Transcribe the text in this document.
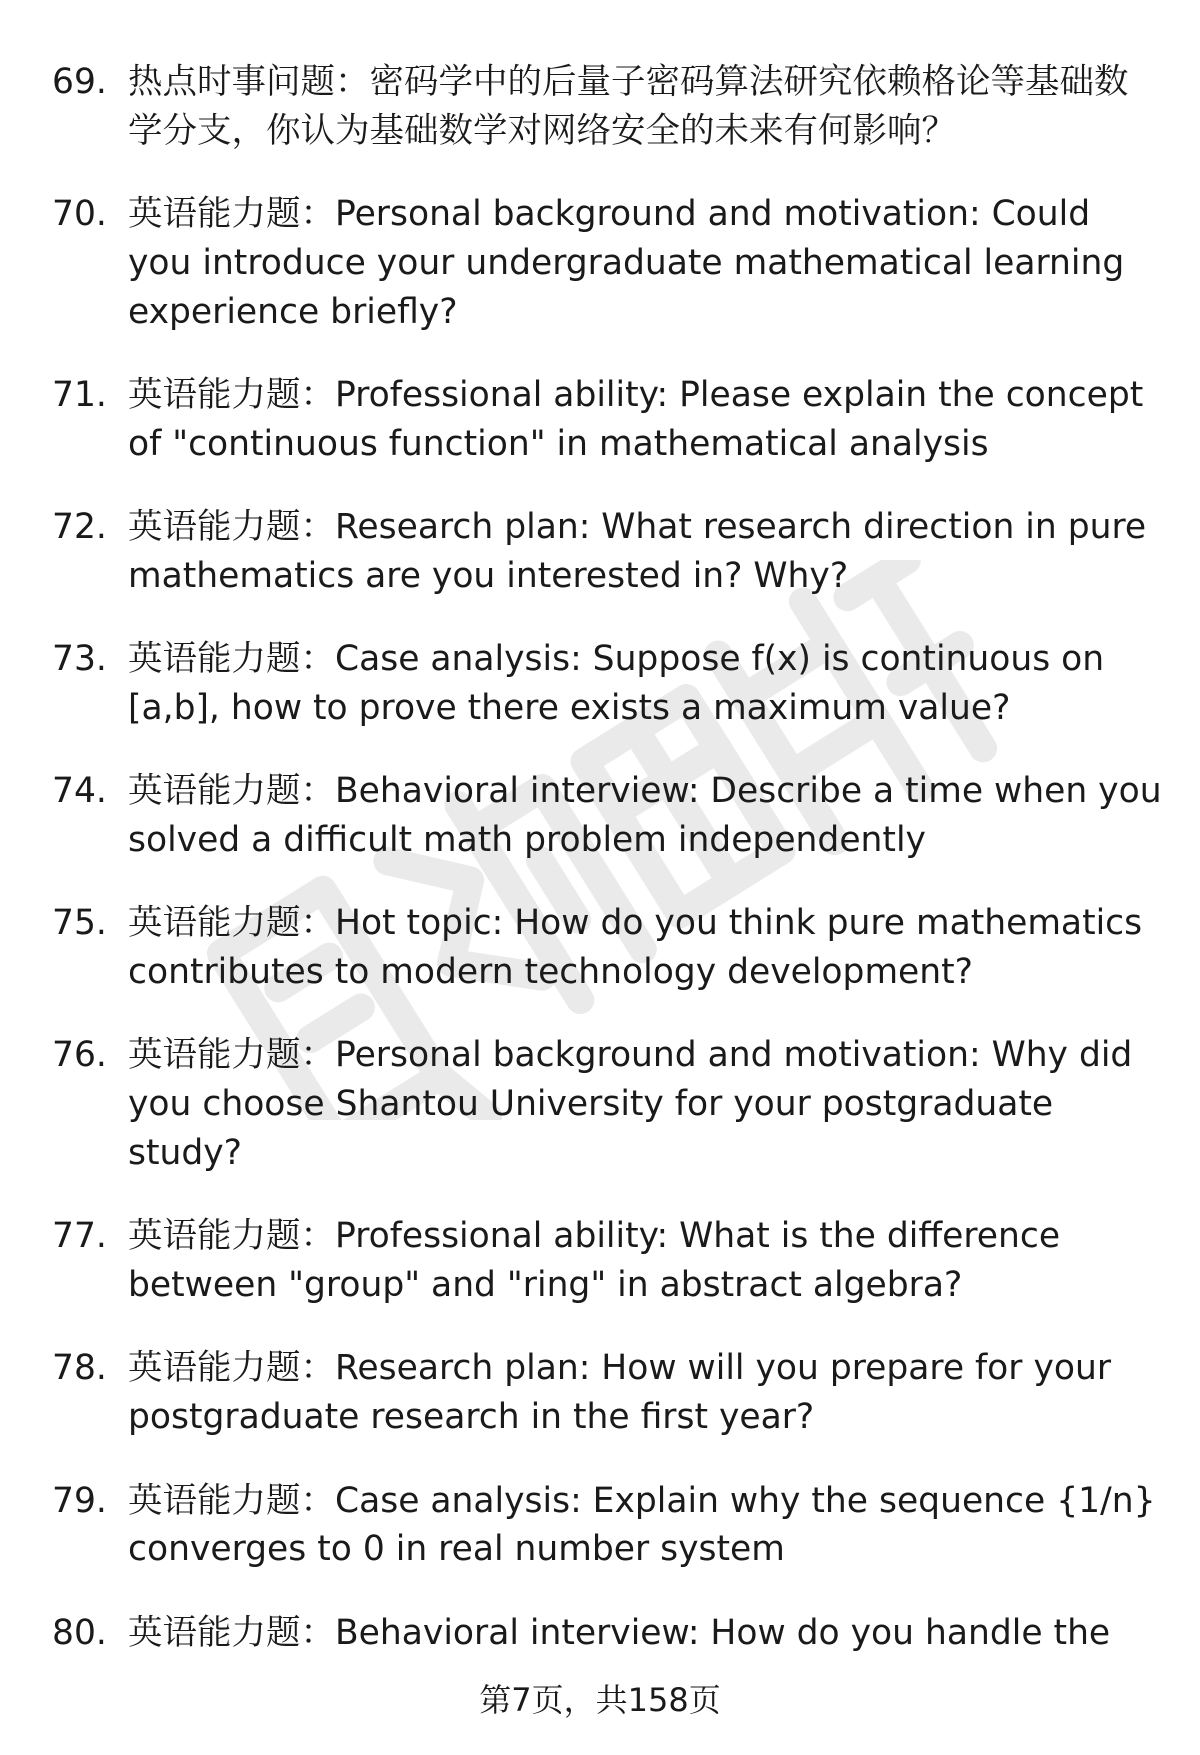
69. 热点时事问题：密码学中的后量子密码算法研究依赖格论等基础数学分支，你认为基础数学对网络安全的未来有何影响？
70. 英语能力题：Personal background and motivation: Could you introduce your undergraduate mathematical learning experience briefly?
71. 英语能力题：Professional ability: Please explain the concept of "continuous function" in mathematical analysis
72. 英语能力题：Research plan: What research direction in pure mathematics are you interested in? Why?
73. 英语能力题：Case analysis: Suppose f(x) is continuous on [a,b], how to prove there exists a maximum value?
74. 英语能力题：Behavioral interview: Describe a time when you solved a difficult math problem independently
75. 英语能力题：Hot topic: How do you think pure mathematics contributes to modern technology development?
76. 英语能力题：Personal background and motivation: Why did you choose Shantou University for your postgraduate study?
77. 英语能力题：Professional ability: What is the difference between "group" and "ring" in abstract algebra?
78. 英语能力题：Research plan: How will you prepare for your postgraduate research in the first year?
79. 英语能力题：Case analysis: Explain why the sequence {1/n} converges to 0 in real number system
80. 英语能力题：Behavioral interview: How do you handle the
第7页，共158页
